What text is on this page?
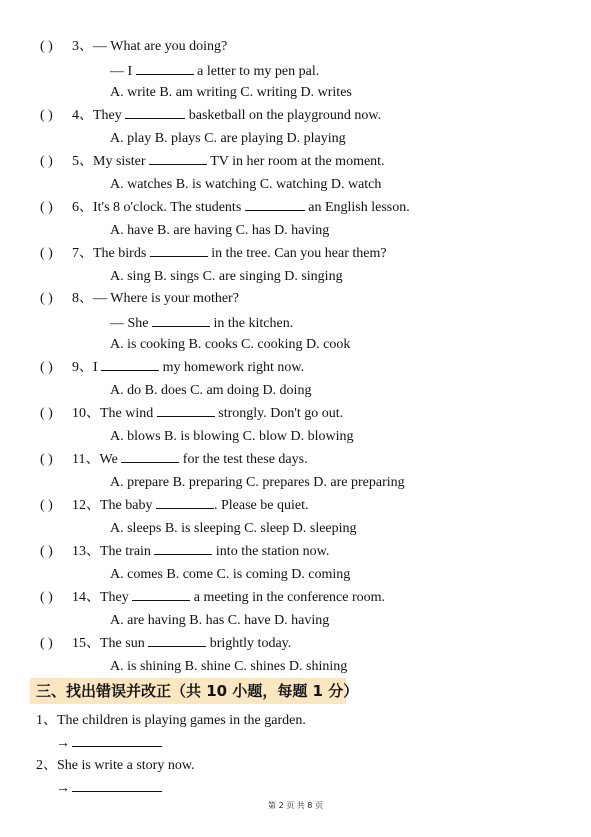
( ) 3、— What are you doing?
— I	a letter to my pen pal.
A. write B. am writing C. writing D. writes
( ) 4、They	basketball on the playground now.
A. play B. plays C. are playing D. playing
( ) 5、My sister	TV in her room at the moment.
A. watches B. is watching C. watching D. watch
( ) 6、It's 8 o'clock. The students	an English lesson.
A. have B. are having C. has D. having
( ) 7、The birds	in the tree. Can you hear them?
A. sing B. sings C. are singing D. singing
( ) 8、— Where is your mother?
— She	in the kitchen.
A. is cooking B. cooks C. cooking D. cook
( ) 9、I	my homework right now.
A. do B. does C. am doing D. doing
( ) 10、The wind	strongly. Don't go out.
A. blows B. is blowing C. blow D. blowing
( ) 11、We	for the test these days.
A. prepare B. preparing C. prepares D. are preparing
( ) 12、The baby	. Please be quiet.
A. sleeps B. is sleeping C. sleep D. sleeping
( ) 13、The train	into the station now.
A. comes B. come C. is coming D. coming
( ) 14、They	a meeting in the conference room.
A. are having B. has C. have D. having
( ) 15、The sun	brightly today.
A. is shining B. shine C. shines D. shining
三、找出错误并改正（共 10 小题，每题 1 分）
1、The children is playing games in the garden.
→
2、She is write a story now.
→
第 2 页 共 8 页
